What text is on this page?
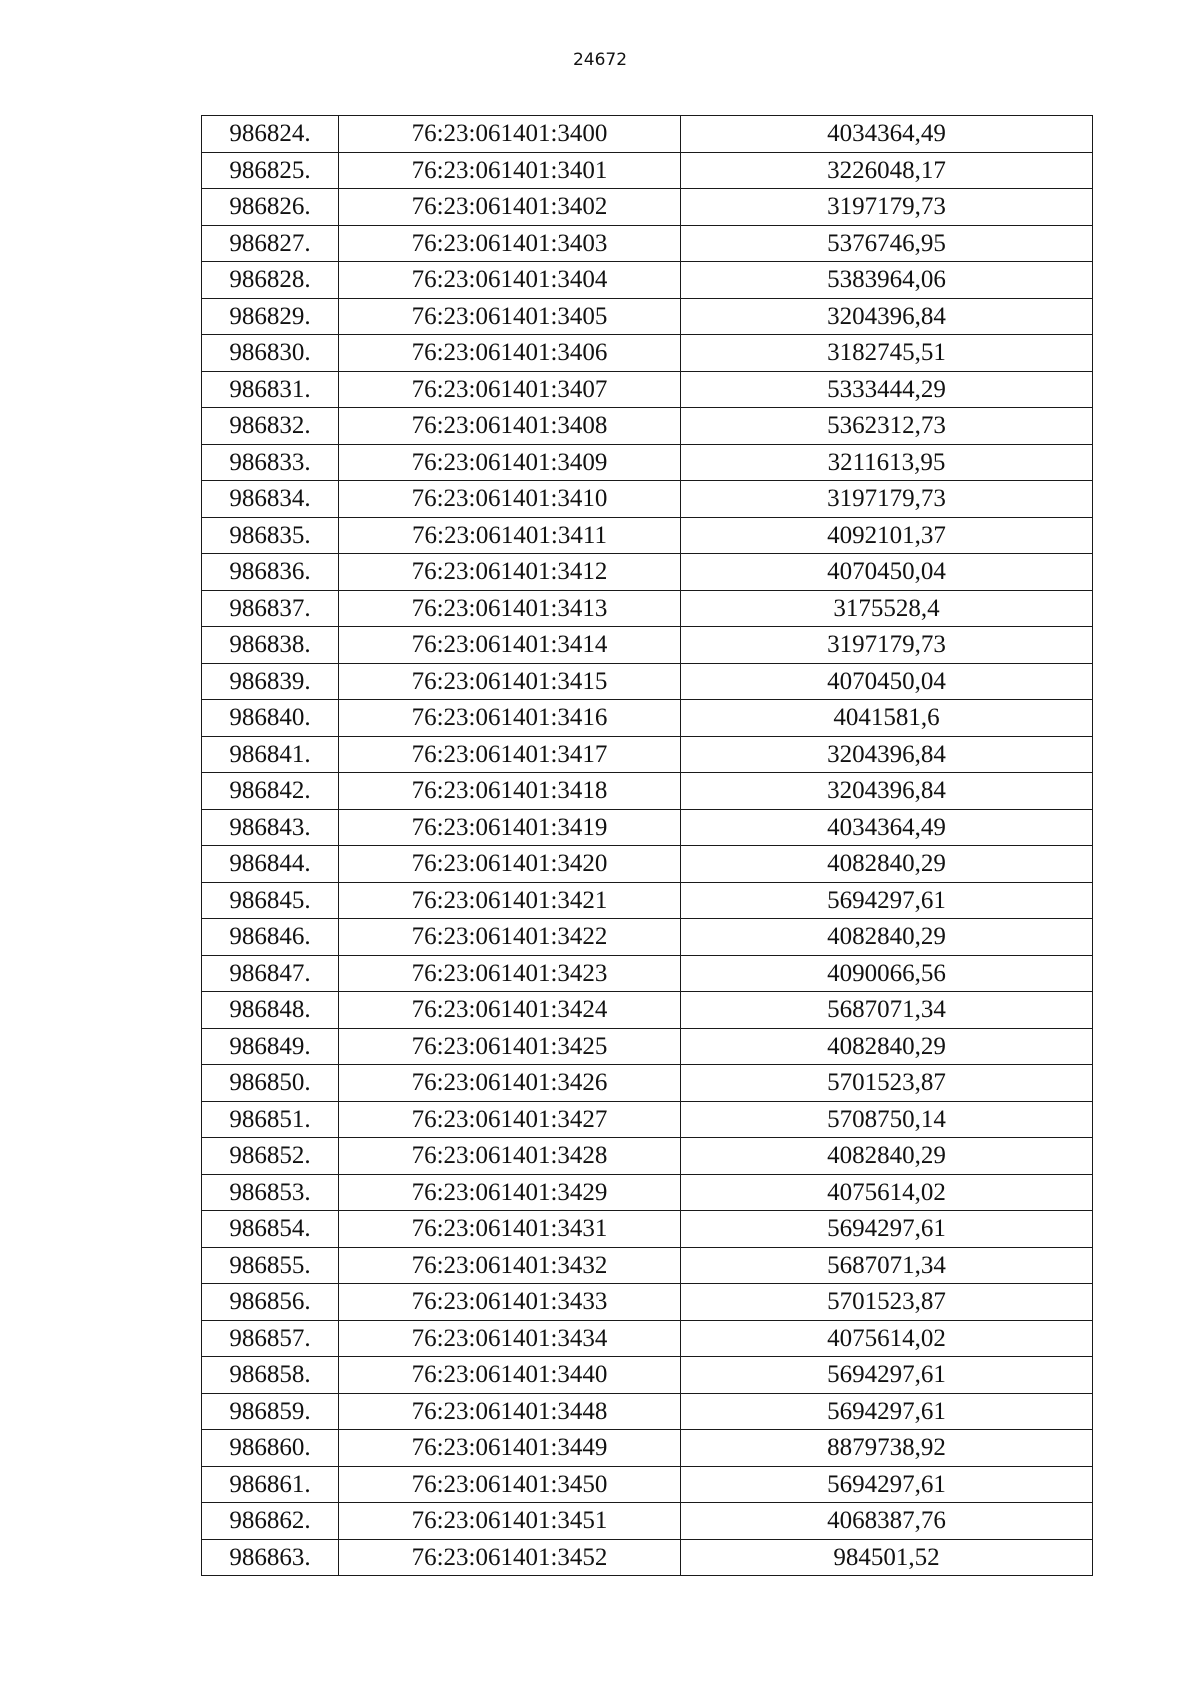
24672
986824.	76:23:061401:3400	4034364,49
986825.	76:23:061401:3401	3226048,17
986826.	76:23:061401:3402	3197179,73
986827.	76:23:061401:3403	5376746,95
986828.	76:23:061401:3404	5383964,06
986829.	76:23:061401:3405	3204396,84
986830.	76:23:061401:3406	3182745,51
986831.	76:23:061401:3407	5333444,29
986832.	76:23:061401:3408	5362312,73
986833.	76:23:061401:3409	3211613,95
986834.	76:23:061401:3410	3197179,73
986835.	76:23:061401:3411	4092101,37
986836.	76:23:061401:3412	4070450,04
986837.	76:23:061401:3413	3175528,4
986838.	76:23:061401:3414	3197179,73
986839.	76:23:061401:3415	4070450,04
986840.	76:23:061401:3416	4041581,6
986841.	76:23:061401:3417	3204396,84
986842.	76:23:061401:3418	3204396,84
986843.	76:23:061401:3419	4034364,49
986844.	76:23:061401:3420	4082840,29
986845.	76:23:061401:3421	5694297,61
986846.	76:23:061401:3422	4082840,29
986847.	76:23:061401:3423	4090066,56
986848.	76:23:061401:3424	5687071,34
986849.	76:23:061401:3425	4082840,29
986850.	76:23:061401:3426	5701523,87
986851.	76:23:061401:3427	5708750,14
986852.	76:23:061401:3428	4082840,29
986853.	76:23:061401:3429	4075614,02
986854.	76:23:061401:3431	5694297,61
986855.	76:23:061401:3432	5687071,34
986856.	76:23:061401:3433	5701523,87
986857.	76:23:061401:3434	4075614,02
986858.	76:23:061401:3440	5694297,61
986859.	76:23:061401:3448	5694297,61
986860.	76:23:061401:3449	8879738,92
986861.	76:23:061401:3450	5694297,61
986862.	76:23:061401:3451	4068387,76
986863.	76:23:061401:3452	984501,52
